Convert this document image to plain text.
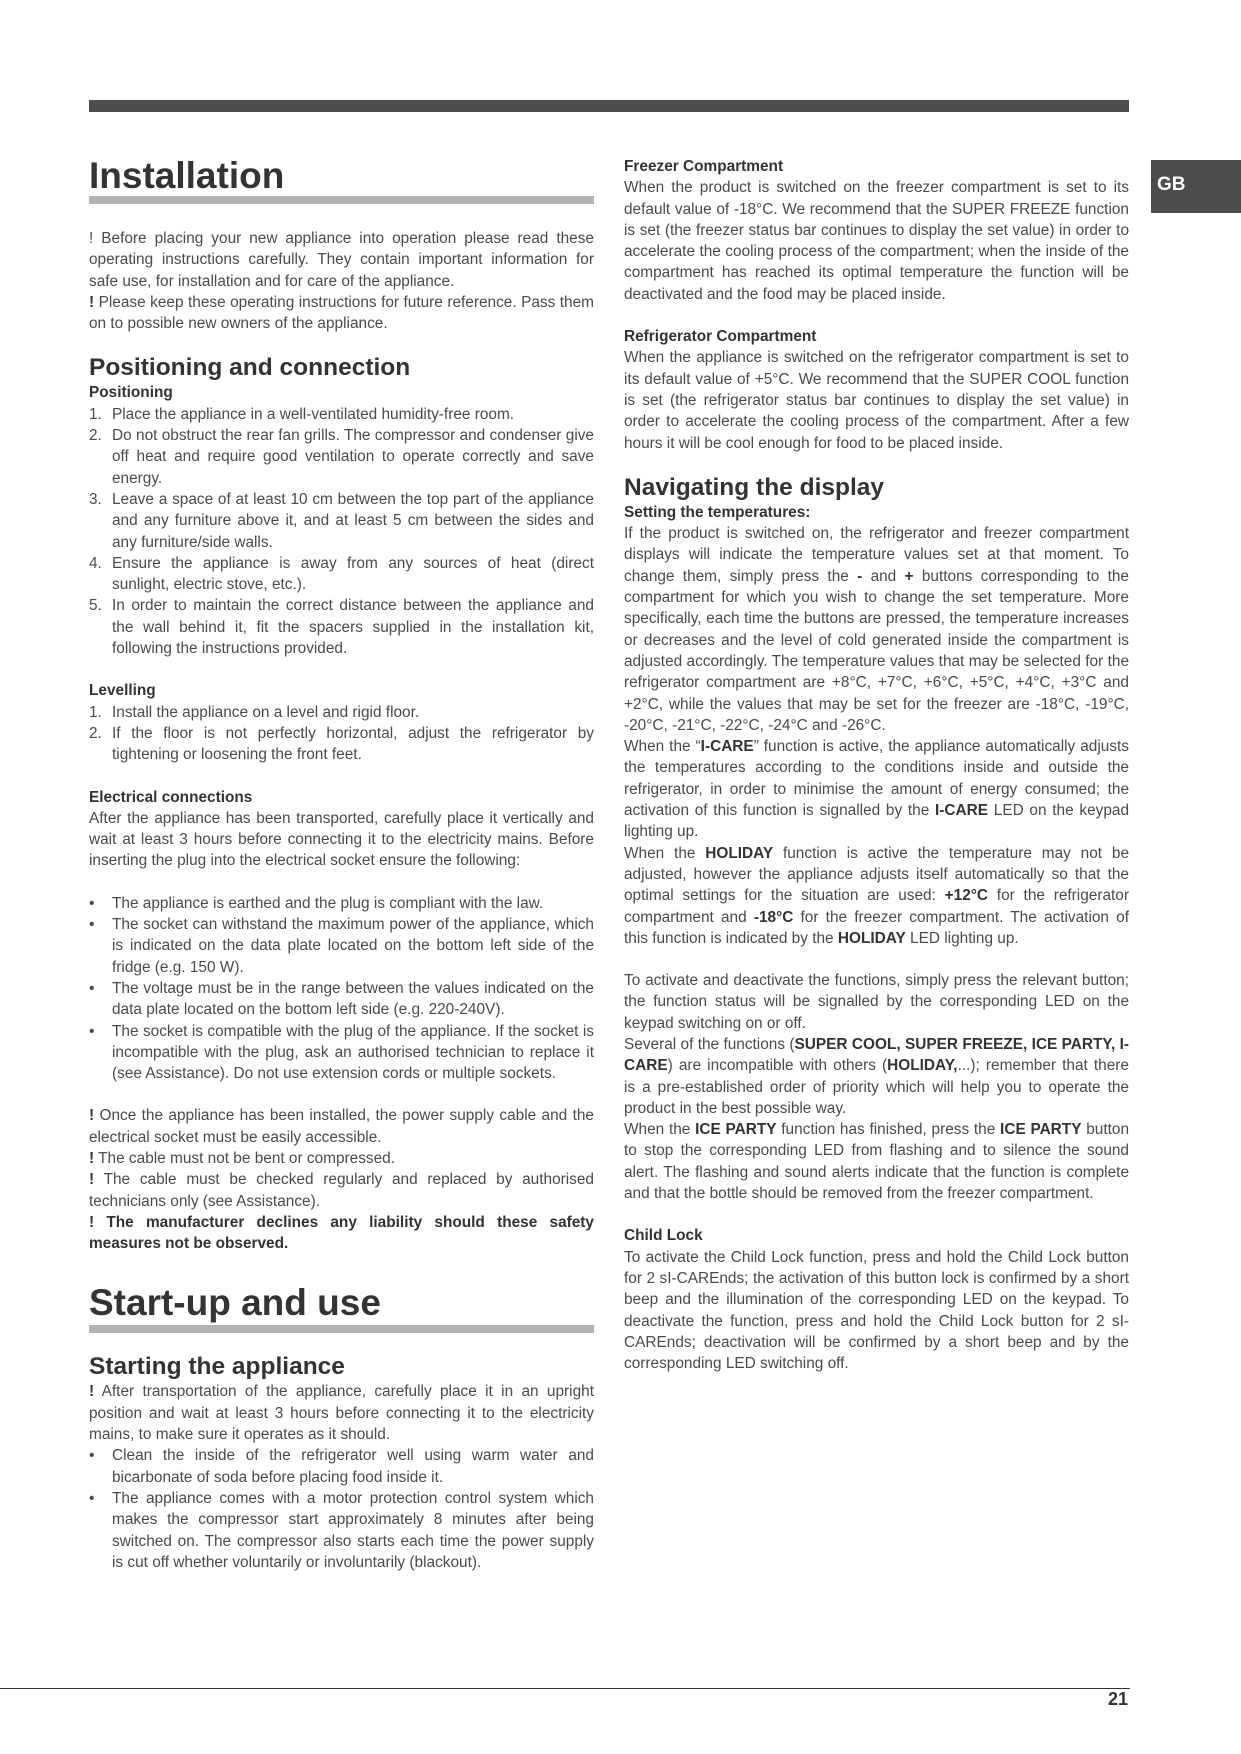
GB
Installation

! Before placing your new appliance into operation please read these operating instructions carefully. They contain important information for safe use, for installation and for care of the appliance.

! Please keep these operating instructions for future reference. Pass them on to possible new owners of the appliance.

Positioning and connection
Positioning
1. Place the appliance in a well-ventilated humidity-free room.
2. Do not obstruct the rear fan grills. The compressor and condenser give off heat and require good ventilation to operate correctly and save energy.
3. Leave a space of at least 10 cm between the top part of the appliance and any furniture above it, and at least 5 cm between the sides and any furniture/side walls.
4. Ensure the appliance is away from any sources of heat (direct sunlight, electric stove, etc.).
5. In order to maintain the correct distance between the appliance and the wall behind it, fit the spacers supplied in the installation kit, following the instructions provided.
Levelling
1. Install the appliance on a level and rigid floor.
2. If the floor is not perfectly horizontal, adjust the refrigerator by tightening or loosening the front feet.
Electrical connections

After the appliance has been transported, carefully place it vertically and wait at least 3 hours before connecting it to the electricity mains. Before inserting the plug into the electrical socket ensure the following:

• The appliance is earthed and the plug is compliant with the law.
• The socket can withstand the maximum power of the appliance, which is indicated on the data plate located on the bottom left side of the fridge (e.g. 150 W).
• The voltage must be in the range between the values indicated on the data plate located on the bottom left side (e.g. 220-240V).
• The socket is compatible with the plug of the appliance. If the socket is incompatible with the plug, ask an authorised technician to replace it (see Assistance). Do not use extension cords or multiple sockets.

! Once the appliance has been installed, the power supply cable and the electrical socket must be easily accessible.

! The cable must not be bent or compressed.

! The cable must be checked regularly and replaced by authorised technicians only (see Assistance).

! The manufacturer declines any liability should these safety measures not be observed.

Start-up and use
Starting the appliance

! After transportation of the appliance, carefully place it in an upright position and wait at least 3 hours before connecting it to the electricity mains, to make sure it operates as it should.

• Clean the inside of the refrigerator well using warm water and bicarbonate of soda before placing food inside it.
• The appliance comes with a motor protection control system which makes the compressor start approximately 8 minutes after being switched on. The compressor also starts each time the power supply is cut off whether voluntarily or involuntarily (blackout).
Freezer Compartment

When the product is switched on the freezer compartment is set to its default value of -18°C. We recommend that the SUPER FREEZE function is set (the freezer status bar continues to display the set value) in order to accelerate the cooling process of the compartment; when the inside of the compartment has reached its optimal temperature the function will be deactivated and the food may be placed inside.

Refrigerator Compartment

When the appliance is switched on the refrigerator compartment is set to its default value of +5°C. We recommend that the SUPER COOL function is set (the refrigerator status bar continues to display the set value) in order to accelerate the cooling process of the compartment. After a few hours it will be cool enough for food to be placed inside.

Navigating the display
Setting the temperatures:

If the product is switched on, the refrigerator and freezer compartment displays will indicate the temperature values set at that moment. To change them, simply press the - and + buttons corresponding to the compartment for which you wish to change the set temperature. More specifically, each time the buttons are pressed, the temperature increases or decreases and the level of cold generated inside the compartment is adjusted accordingly. The temperature values that may be selected for the refrigerator compartment are +8°C, +7°C, +6°C, +5°C, +4°C, +3°C and +2°C, while the values that may be set for the freezer are -18°C, -19°C, -20°C, -21°C, -22°C, -24°C and -26°C.

When the “I-CARE” function is active, the appliance automatically adjusts the temperatures according to the conditions inside and outside the refrigerator, in order to minimise the amount of energy consumed; the activation of this function is signalled by the I-CARE LED on the keypad lighting up.

When the HOLIDAY function is active the temperature may not be adjusted, however the appliance adjusts itself automatically so that the optimal settings for the situation are used: +12°C for the refrigerator compartment and -18°C for the freezer compartment. The activation of this function is indicated by the HOLIDAY LED lighting up.

To activate and deactivate the functions, simply press the relevant button; the function status will be signalled by the corresponding LED on the keypad switching on or off.

Several of the functions (SUPER COOL, SUPER FREEZE, ICE PARTY, I-CARE) are incompatible with others (HOLIDAY,...); remember that there is a pre-established order of priority which will help you to operate the product in the best possible way.

When the ICE PARTY function has finished, press the ICE PARTY button to stop the corresponding LED from flashing and to silence the sound alert. The flashing and sound alerts indicate that the function is complete and that the bottle should be removed from the freezer compartment.

Child Lock

To activate the Child Lock function, press and hold the Child Lock button for 2 sI-CAREnds; the activation of this button lock is confirmed by a short beep and the illumination of the corresponding LED on the keypad. To deactivate the function, press and hold the Child Lock button for 2 sI-CAREnds; deactivation will be confirmed by a short beep and by the corresponding LED switching off.

21
